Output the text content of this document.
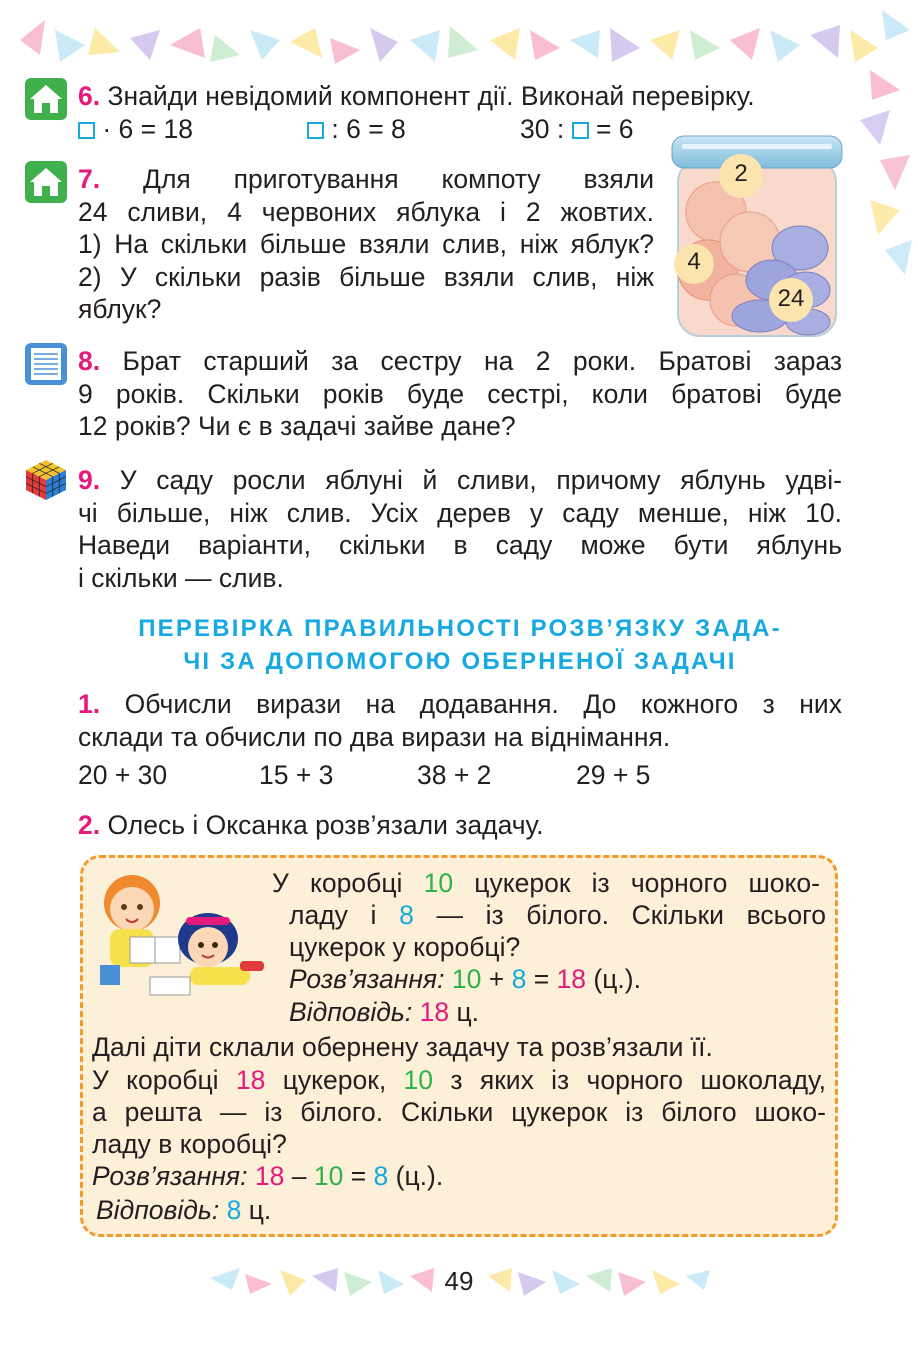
6. Знайди невідомий компонент дії. Виконай перевірку.
· 6 = 18	: 6 = 8	30 : = 6
7. Для приготування компоту взяли
24 сливи, 4 червоних яблука і 2 жовтих.
1) На скільки більше взяли слив, ніж яблук?
2) У скільки разів більше взяли слив, ніж
яблук?
2
4
24
8. Брат старший за сестру на 2 роки. Братові зараз
9 років. Скільки років буде сестрі, коли братові буде
12 років? Чи є в задачі зайве дане?
9. У саду росли яблуні й сливи, причому яблунь удві-
чі більше, ніж слив. Усіх дерев у саду менше, ніж 10.
Наведи варіанти, скільки в саду може бути яблунь
і скільки — слив.
ПЕРЕВІРКА ПРАВИЛЬНОСТІ РОЗВ’ЯЗКУ ЗАДА-
ЧІ ЗА ДОПОМОГОЮ ОБЕРНЕНОЇ ЗАДАЧІ
1. Обчисли вирази на додавання. До кожного з них
склади та обчисли по два вирази на віднімання.
20 + 30	15 + 3	38 + 2	29 + 5
2. Олесь і Оксанка розв’язали задачу.
У коробці 10 цукерок із чорного шоко-
ладу і 8 — із білого. Скільки всього
цукерок у коробці?
Розв’язання: 10 + 8 = 18 (ц.).
Відповідь: 18 ц.
Далі діти склали обернену задачу та розв’язали її.
У коробці 18 цукерок, 10 з яких із чорного шоколаду,
а решта — із білого. Скільки цукерок із білого шоко-
ладу в коробці?
Розв’язання: 18 – 10 = 8 (ц.).
Відповідь: 8 ц.
49
